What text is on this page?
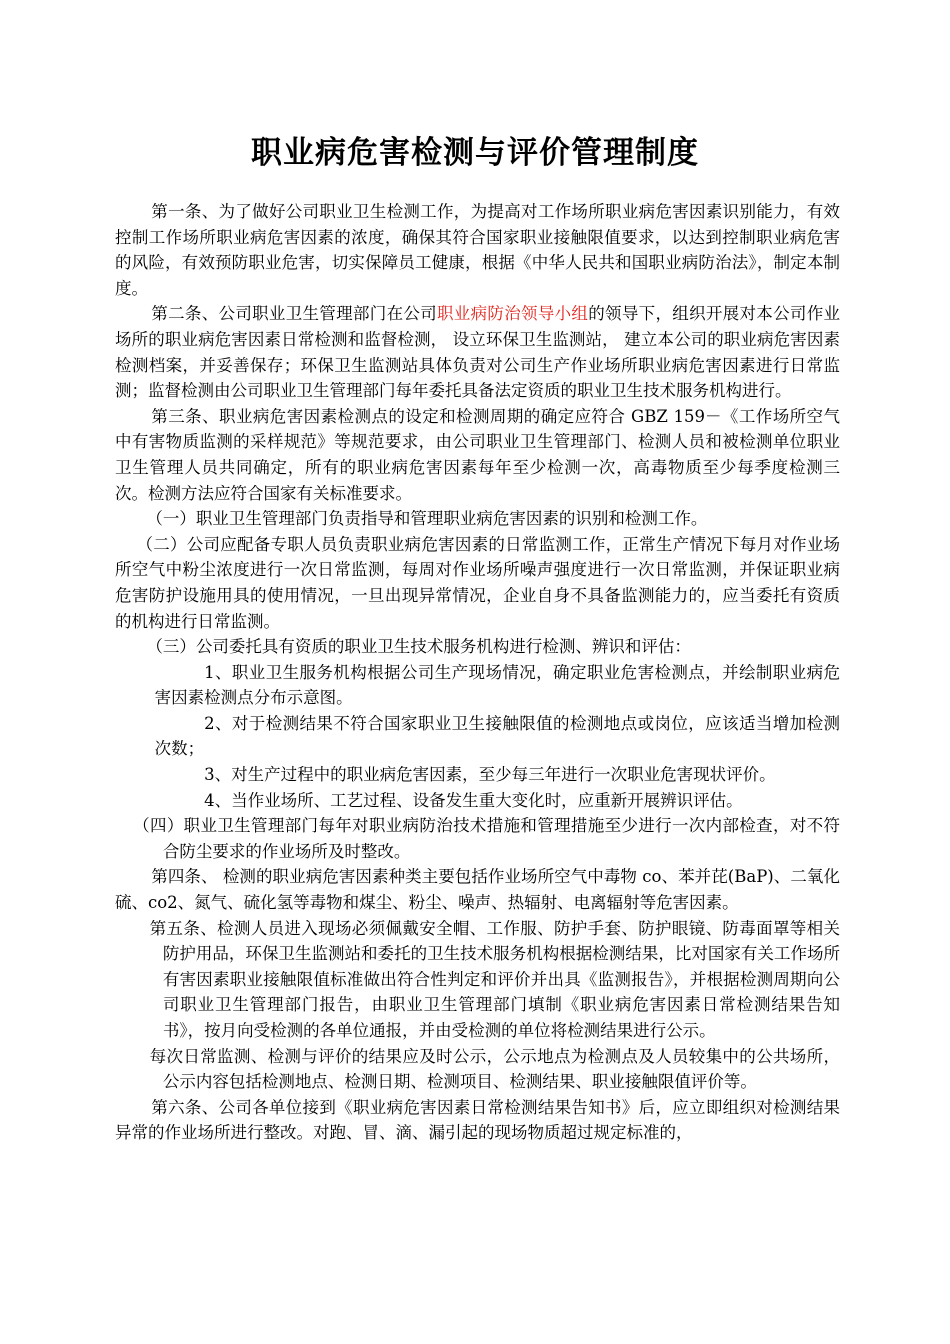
职业病危害检测与评价管理制度

第一条、为了做好公司职业卫生检测工作，为提高对工作场所职业病危害因素识别能力，有效控制工作场所职业病危害因素的浓度，确保其符合国家职业接触限值要求，以达到控制职业病危害的风险，有效预防职业危害，切实保障员工健康，根据《中华人民共和国职业病防治法》，制定本制度。

第二条、公司职业卫生管理部门在公司职业病防治领导小组的领导下，组织开展对本公司作业场所的职业病危害因素日常检测和监督检测， 设立环保卫生监测站， 建立本公司的职业病危害因素检测档案，并妥善保存；环保卫生监测站具体负责对公司生产作业场所职业病危害因素进行日常监测；监督检测由公司职业卫生管理部门每年委托具备法定资质的职业卫生技术服务机构进行。

第三条、职业病危害因素检测点的设定和检测周期的确定应符合 GBZ 159－《工作场所空气中有害物质监测的采样规范》等规范要求，由公司职业卫生管理部门、检测人员和被检测单位职业卫生管理人员共同确定，所有的职业病危害因素每年至少检测一次，高毒物质至少每季度检测三次。检测方法应符合国家有关标准要求。

（一）职业卫生管理部门负责指导和管理职业病危害因素的识别和检测工作。

（二）公司应配备专职人员负责职业病危害因素的日常监测工作，正常生产情况下每月对作业场所空气中粉尘浓度进行一次日常监测，每周对作业场所噪声强度进行一次日常监测，并保证职业病危害防护设施用具的使用情况，一旦出现异常情况，企业自身不具备监测能力的，应当委托有资质的机构进行日常监测。

（三）公司委托具有资质的职业卫生技术服务机构进行检测、辨识和评估：

1、职业卫生服务机构根据公司生产现场情况，确定职业危害检测点，并绘制职业病危害因素检测点分布示意图。

2、对于检测结果不符合国家职业卫生接触限值的检测地点或岗位，应该适当增加检测次数；

3、对生产过程中的职业病危害因素，至少每三年进行一次职业危害现状评价。

4、当作业场所、工艺过程、设备发生重大变化时，应重新开展辨识评估。

（四）职业卫生管理部门每年对职业病防治技术措施和管理措施至少进行一次内部检查，对不符合防尘要求的作业场所及时整改。

第四条、 检测的职业病危害因素种类主要包括作业场所空气中毒物 co、苯并芘(BaP)、二氧化硫、co2、氮气、硫化氢等毒物和煤尘、粉尘、噪声、热辐射、电离辐射等危害因素。

第五条、检测人员进入现场必须佩戴安全帽、工作服、防护手套、防护眼镜、防毒面罩等相关防护用品，环保卫生监测站和委托的卫生技术服务机构根据检测结果，比对国家有关工作场所有害因素职业接触限值标准做出符合性判定和评价并出具《监测报告》，并根据检测周期向公司职业卫生管理部门报告，由职业卫生管理部门填制《职业病危害因素日常检测结果告知书》，按月向受检测的各单位通报，并由受检测的单位将检测结果进行公示。

每次日常监测、检测与评价的结果应及时公示，公示地点为检测点及人员较集中的公共场所，公示内容包括检测地点、检测日期、检测项目、检测结果、职业接触限值评价等。

第六条、公司各单位接到《职业病危害因素日常检测结果告知书》后，应立即组织对检测结果异常的作业场所进行整改。对跑、冒、滴、漏引起的现场物质超过规定标准的，
